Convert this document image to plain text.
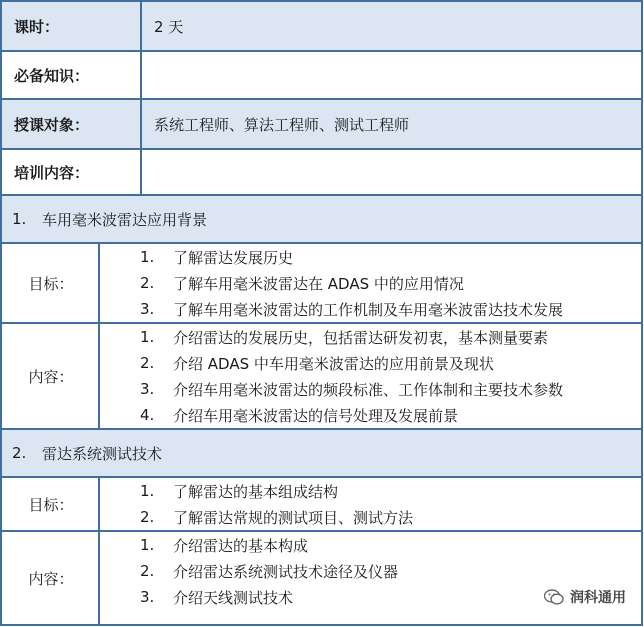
课时：	2 天
必备知识：
授课对象：	系统工程师、算法工程师、测试工程师
培训内容：
1.	车用毫米波雷达应用背景
目标：
1.	了解雷达发展历史
2.	了解车用毫米波雷达在 ADAS 中的应用情况
3.	了解车用毫米波雷达的工作机制及车用毫米波雷达技术发展
内容：
1.	介绍雷达的发展历史，包括雷达研发初衷，基本测量要素
2.	介绍 ADAS 中车用毫米波雷达的应用前景及现状
3.	介绍车用毫米波雷达的频段标准、工作体制和主要技术参数
4.	介绍车用毫米波雷达的信号处理及发展前景
2.	雷达系统测试技术
目标：
1.	了解雷达的基本组成结构
2.	了解雷达常规的测试项目、测试方法
内容：
1.	介绍雷达的基本构成
2.	介绍雷达系统测试技术途径及仪器
3.	介绍天线测试技术	润科通用
